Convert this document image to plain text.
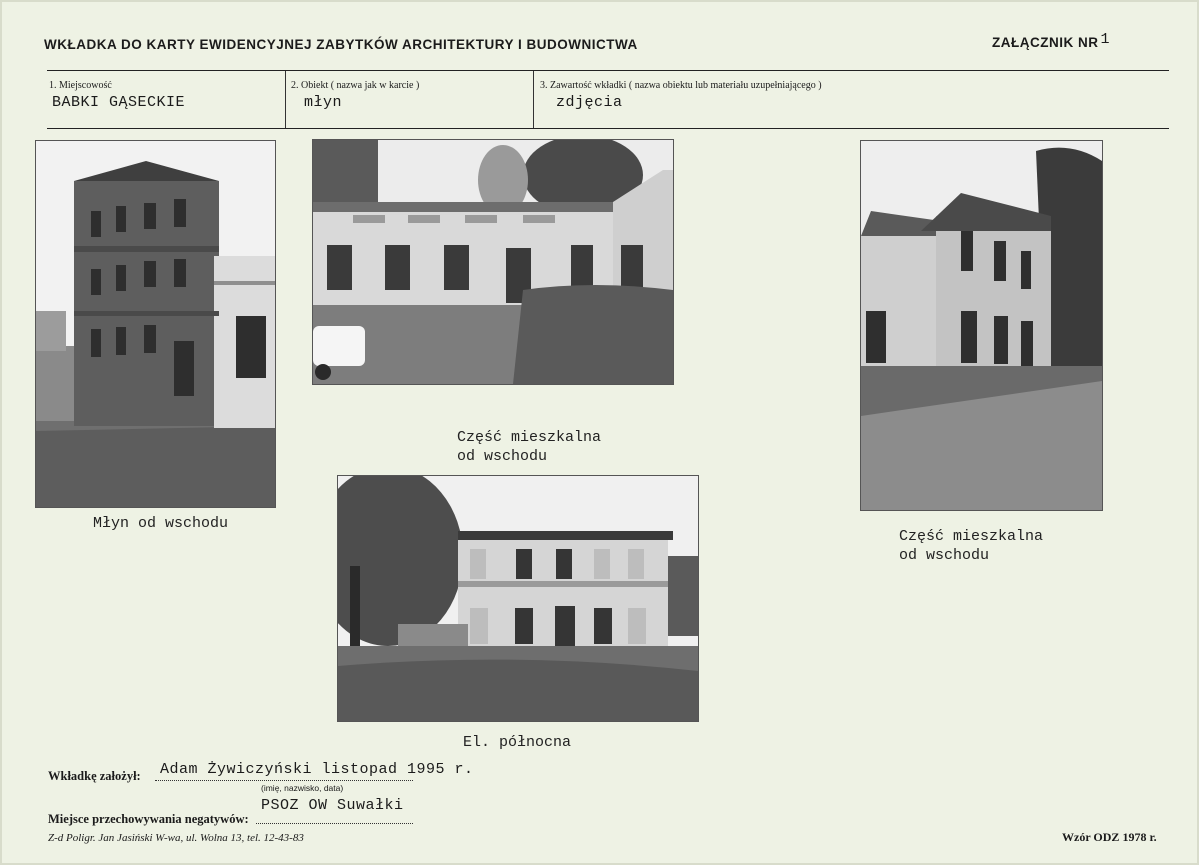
WKŁADKA DO KARTY EWIDENCYJNEJ ZABYTKÓW ARCHITEKTURY I BUDOWNICTWA	ZAŁĄCZNIK NR 1
1. Miejscowość
BABKI GĄSECKIE
2. Obiekt ( nazwa jak w karcie )
młyn
3. Zawartość wkładki ( nazwa obiektu lub materiału uzupełniającego )
zdjęcia
Młyn od wschodu
Część mieszkalna
od wschodu
Część mieszkalna
od wschodu
El. północna
Wkładkę założył: Adam Żywiczyński listopad 1995 r.
(imię, nazwisko, data)
Miejsce przechowywania negatywów:
PSOZ OW Suwałki
Z-d Poligr. Jan Jasiński W-wa, ul. Wolna 13, tel. 12-43-83	Wzór ODZ 1978 r.
